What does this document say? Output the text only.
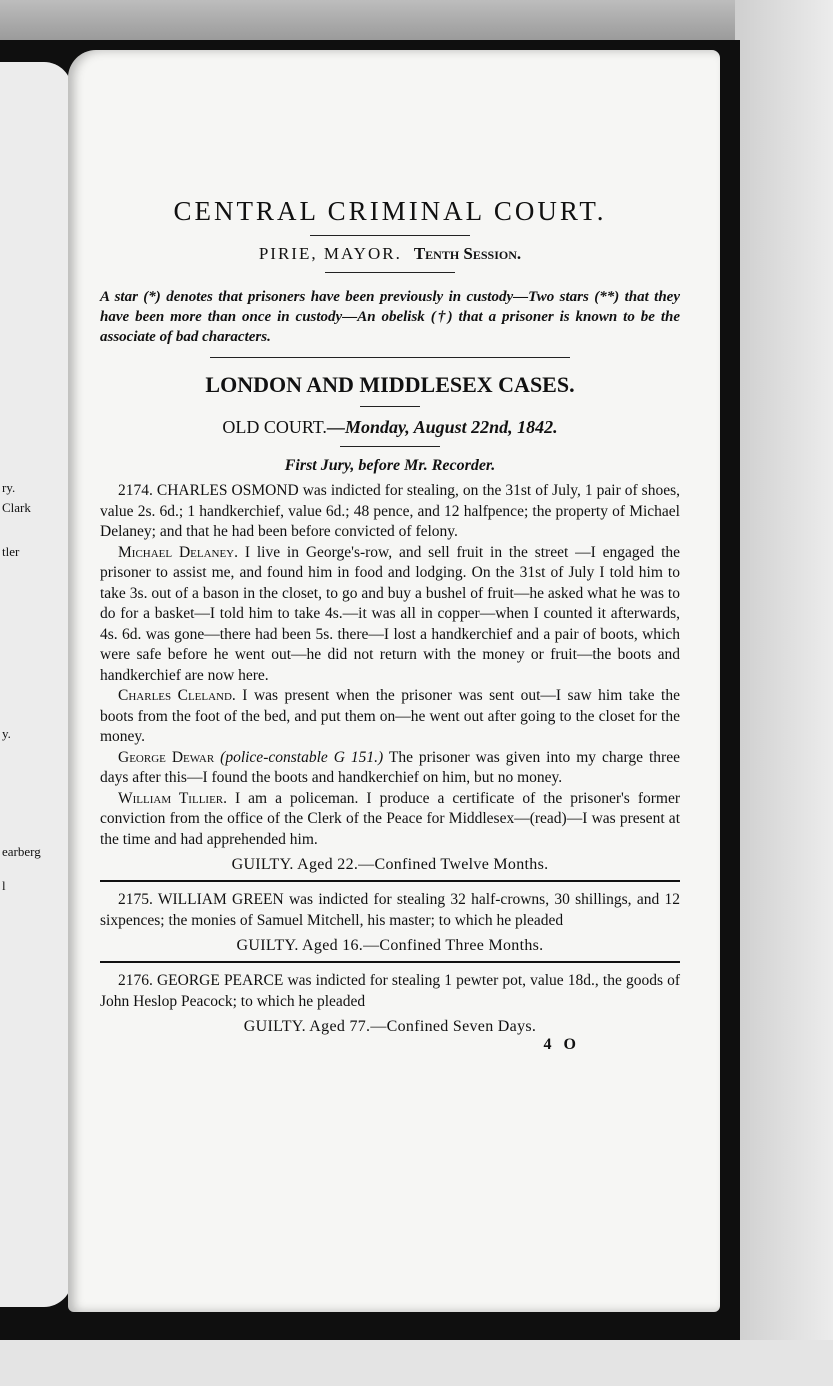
ry.
Clark
tler
y.
earberg
l
CENTRAL CRIMINAL COURT.
PIRIE, MAYOR. Tenth Session.

A star (*) denotes that prisoners have been previously in custody—Two stars (**) that they have been more than once in custody—An obelisk (†) that a prisoner is known to be the associate of bad characters.

LONDON AND MIDDLESEX CASES.
OLD COURT.—Monday, August 22nd, 1842.
First Jury, before Mr. Recorder.

2174. CHARLES OSMOND was indicted for stealing, on the 31st of July, 1 pair of shoes, value 2s. 6d.; 1 handkerchief, value 6d.; 48 pence, and 12 halfpence; the property of Michael Delaney; and that he had been before convicted of felony.

Michael Delaney. I live in George's-row, and sell fruit in the street —I engaged the prisoner to assist me, and found him in food and lodging. On the 31st of July I told him to take 3s. out of a bason in the closet, to go and buy a bushel of fruit—he asked what he was to do for a basket—I told him to take 4s.—it was all in copper—when I counted it afterwards, 4s. 6d. was gone—there had been 5s. there—I lost a handkerchief and a pair of boots, which were safe before he went out—he did not return with the money or fruit—the boots and handkerchief are now here.

Charles Cleland. I was present when the prisoner was sent out—I saw him take the boots from the foot of the bed, and put them on—he went out after going to the closet for the money.

George Dewar (police-constable G 151.) The prisoner was given into my charge three days after this—I found the boots and handkerchief on him, but no money.

William Tillier. I am a policeman. I produce a certificate of the prisoner's former conviction from the office of the Clerk of the Peace for Middlesex—(read)—I was present at the time and had apprehended him.

GUILTY. Aged 22.—Confined Twelve Months.

2175. WILLIAM GREEN was indicted for stealing 32 half-crowns, 30 shillings, and 12 sixpences; the monies of Samuel Mitchell, his master; to which he pleaded

GUILTY. Aged 16.—Confined Three Months.

2176. GEORGE PEARCE was indicted for stealing 1 pewter pot, value 18d., the goods of John Heslop Peacock; to which he pleaded

GUILTY. Aged 77.—Confined Seven Days.
4 O
